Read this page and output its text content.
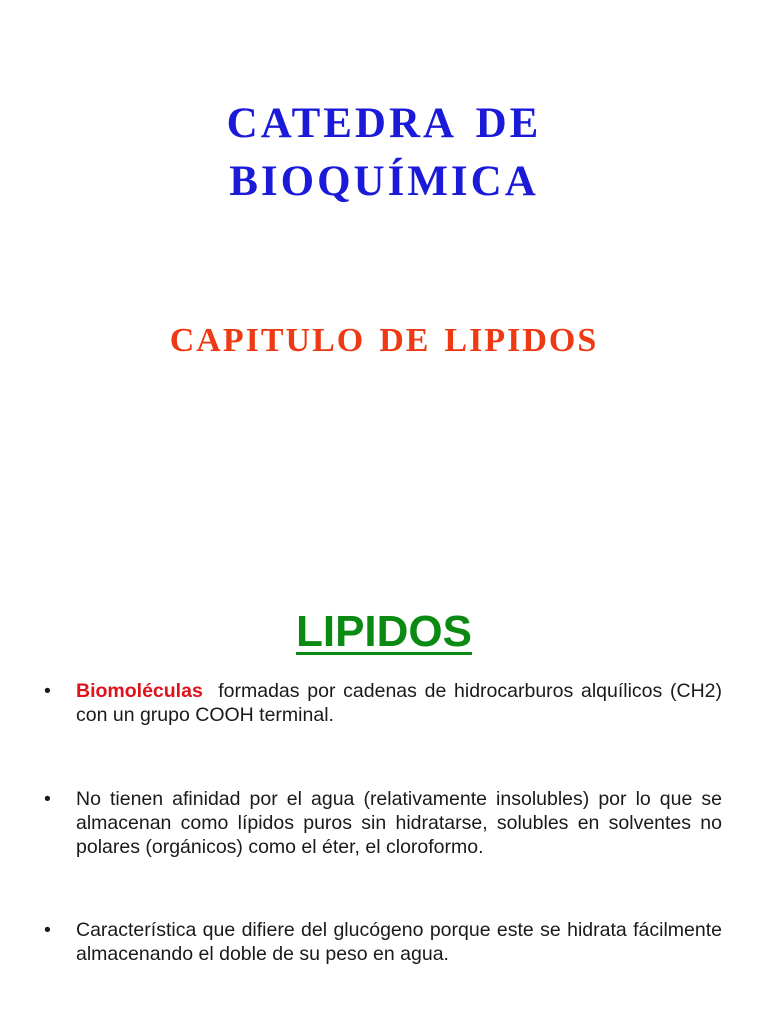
catedra de

bioquímica

capitulo de lipidos
LIPIDOS
•	Biomoléculas  formadas por cadenas de hidrocarburos alquílicos (CH2) con un grupo COOH terminal.
•	No tienen afinidad por el agua (relativamente insolubles) por lo que se almacenan como lípidos puros sin hidratarse, solubles en solventes no polares (orgánicos) como el éter, el cloroformo.
•	Característica que difiere del glucógeno porque este se hidrata fácilmente almacenando el doble de su peso en agua.
